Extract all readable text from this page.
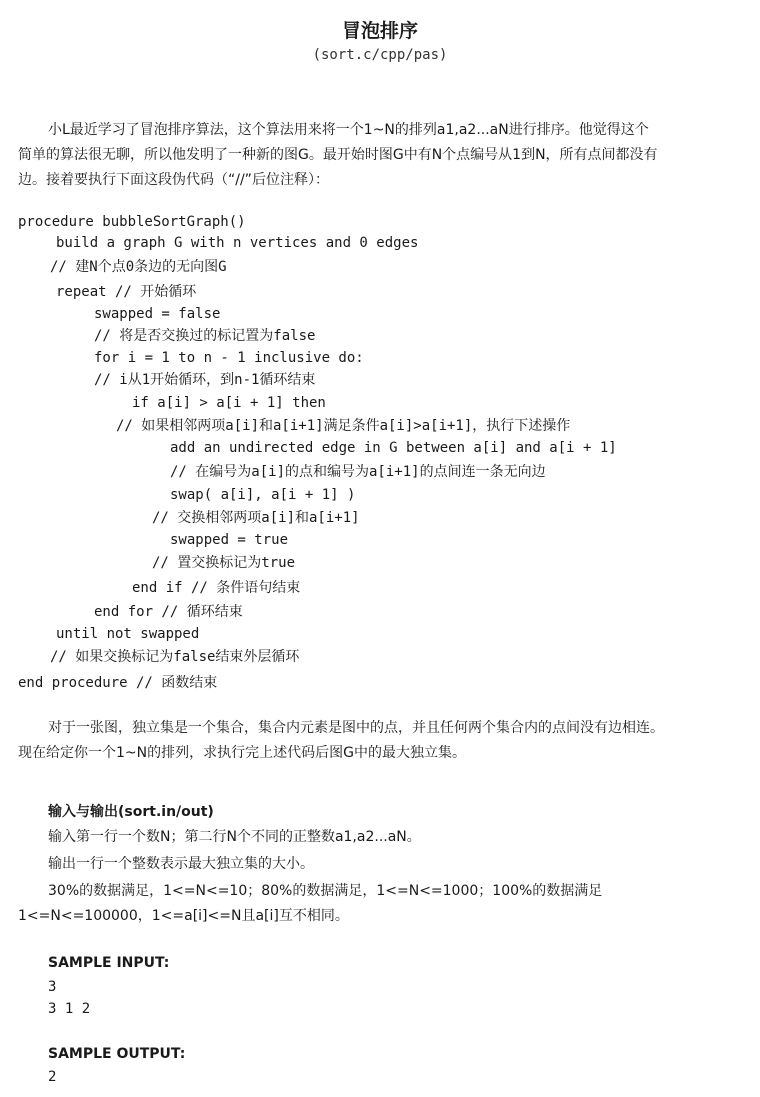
冒泡排序
(sort.c/cpp/pas)
小L最近学习了冒泡排序算法，这个算法用来将一个1~N的排列a1,a2...aN进行排序。他觉得这个
简单的算法很无聊，所以他发明了一种新的图G。最开始时图G中有N个点编号从1到N，所有点间都没有
边。接着要执行下面这段伪代码（“//”后位注释）：
procedure bubbleSortGraph()
build a graph G with n vertices and 0 edges
// 建N个点0条边的无向图G
repeat // 开始循环
swapped = false
// 将是否交换过的标记置为false
for i = 1 to n - 1 inclusive do:
// i从1开始循环，到n-1循环结束
if a[i] > a[i + 1] then
// 如果相邻两项a[i]和a[i+1]满足条件a[i]>a[i+1]，执行下述操作
add an undirected edge in G between a[i] and a[i + 1]
// 在编号为a[i]的点和编号为a[i+1]的点间连一条无向边
swap( a[i], a[i + 1] )
// 交换相邻两项a[i]和a[i+1]
swapped = true
// 置交换标记为true
end if // 条件语句结束
end for // 循环结束
until not swapped
// 如果交换标记为false结束外层循环
end procedure // 函数结束
对于一张图，独立集是一个集合，集合内元素是图中的点，并且任何两个集合内的点间没有边相连。
现在给定你一个1~N的排列，求执行完上述代码后图G中的最大独立集。
输入与输出(sort.in/out)
输入第一行一个数N；第二行N个不同的正整数a1,a2...aN。
输出一行一个整数表示最大独立集的大小。
30%的数据满足，1<=N<=10；80%的数据满足，1<=N<=1000；100%的数据满足
1<=N<=100000，1<=a[i]<=N且a[i]互不相同。
SAMPLE INPUT:
3
3 1 2
SAMPLE OUTPUT:
2
